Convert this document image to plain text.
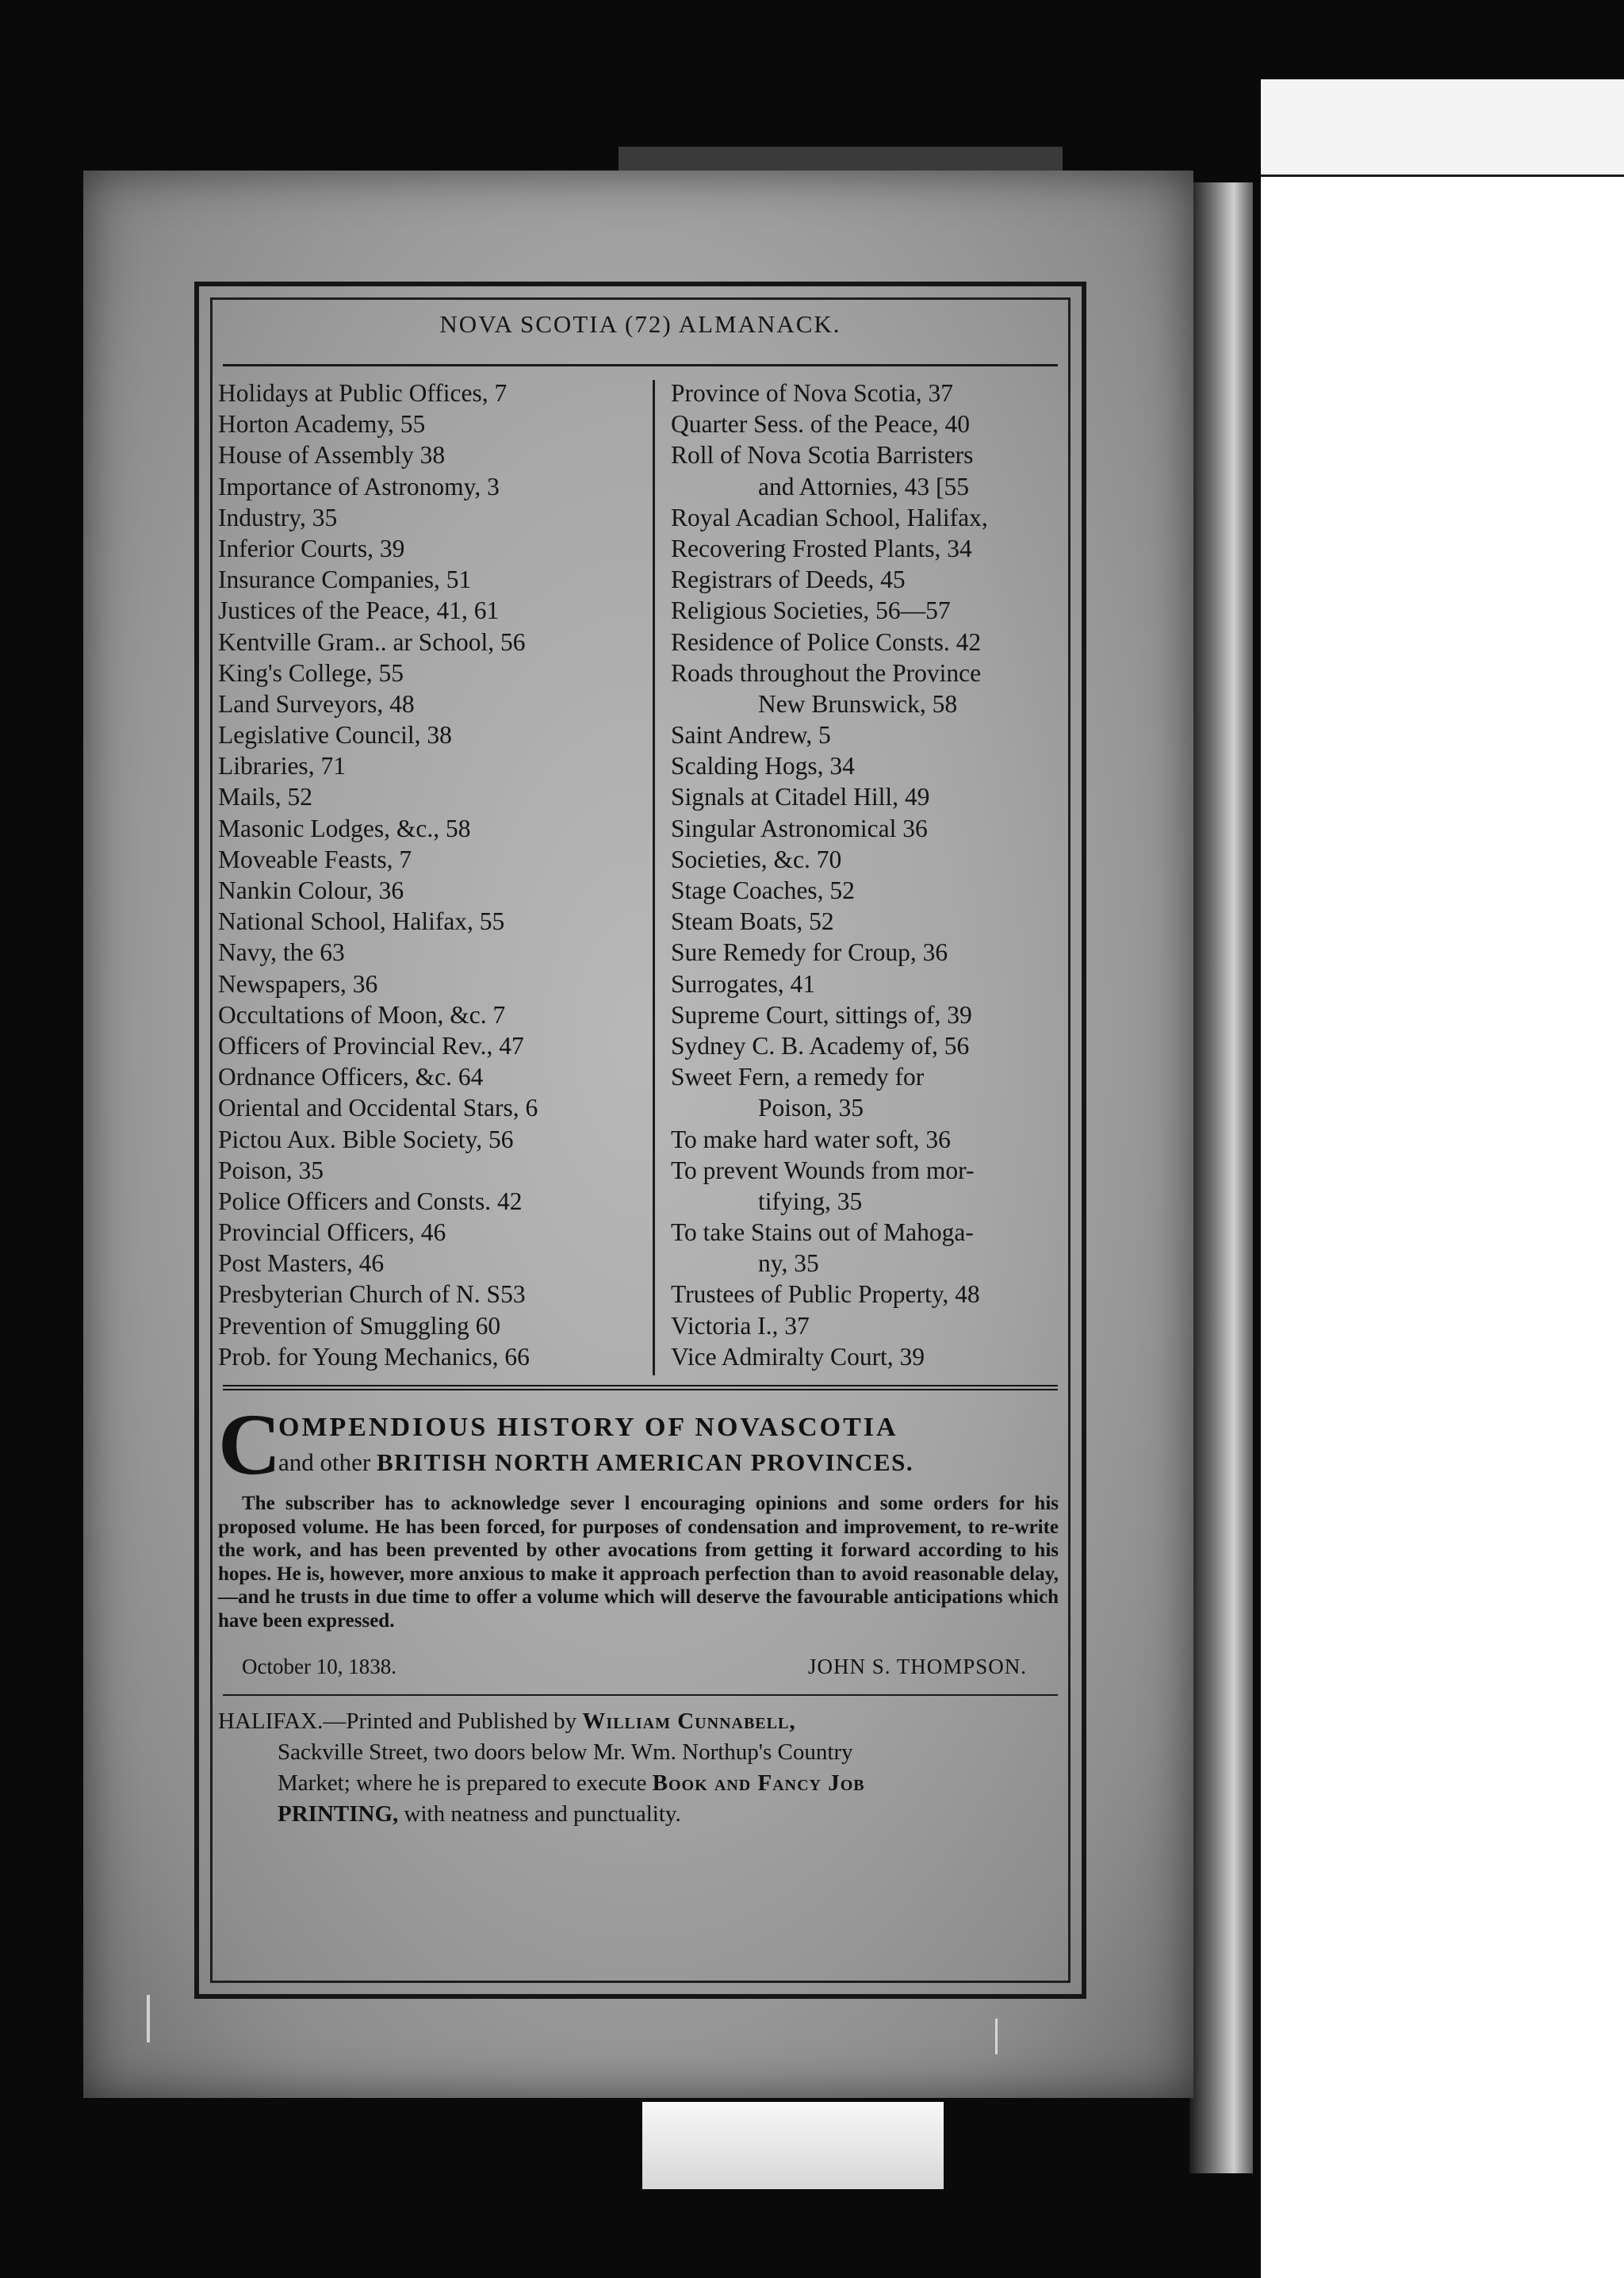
NOVA SCOTIA (72) ALMANACK.
Holidays at Public Offices, 7
Horton Academy, 55
House of Assembly 38
Importance of Astronomy, 3
Industry, 35
Inferior Courts, 39
Insurance Companies, 51
Justices of the Peace, 41, 61
Kentville Gram.. ar School, 56
King's College, 55
Land Surveyors, 48
Legislative Council, 38
Libraries, 71
Mails, 52
Masonic Lodges, &c., 58
Moveable Feasts, 7
Nankin Colour, 36
National School, Halifax, 55
Navy, the 63
Newspapers, 36
Occultations of Moon, &c. 7
Officers of Provincial Rev., 47
Ordnance Officers, &c. 64
Oriental and Occidental Stars, 6
Pictou Aux. Bible Society, 56
Poison, 35
Police Officers and Consts. 42
Provincial Officers, 46
Post Masters, 46
Presbyterian Church of N. S53
Prevention of Smuggling 60
Prob. for Young Mechanics, 66
Province of Nova Scotia, 37
Quarter Sess. of the Peace, 40
Roll of Nova Scotia Barristers
and Attornies, 43 [55
Royal Acadian School, Halifax,
Recovering Frosted Plants, 34
Registrars of Deeds, 45
Religious Societies, 56—57
Residence of Police Consts. 42
Roads throughout the Province
New Brunswick, 58
Saint Andrew, 5
Scalding Hogs, 34
Signals at Citadel Hill, 49
Singular Astronomical 36
Societies, &c. 70
Stage Coaches, 52
Steam Boats, 52
Sure Remedy for Croup, 36
Surrogates, 41
Supreme Court, sittings of, 39
Sydney C. B. Academy of, 56
Sweet Fern, a remedy for
Poison, 35
To make hard water soft, 36
To prevent Wounds from mor-
tifying, 35
To take Stains out of Mahoga-
ny, 35
Trustees of Public Property, 48
Victoria I., 37
Vice Admiralty Court, 39
C
OMPENDIOUS HISTORY OF NOVASCOTIA
and other BRITISH NORTH AMERICAN PROVINCES.

The subscriber has to acknowledge sever l encouraging opinions and some orders for his proposed volume. He has been forced, for purposes of condensation and improvement, to re-write the work, and has been prevented by other avocations from getting it forward according to his hopes. He is, however, more anxious to make it approach perfection than to avoid reasonable delay,—and he trusts in due time to offer a volume which will deserve the favourable anticipations which have been expressed.

October 10, 1838.	JOHN S. THOMPSON.
HALIFAX.—Printed and Published by William Cunnabell,
Sackville Street, two doors below Mr. Wm. Northup's Country
Market; where he is prepared to execute Book and Fancy Job
PRINTING, with neatness and punctuality.
